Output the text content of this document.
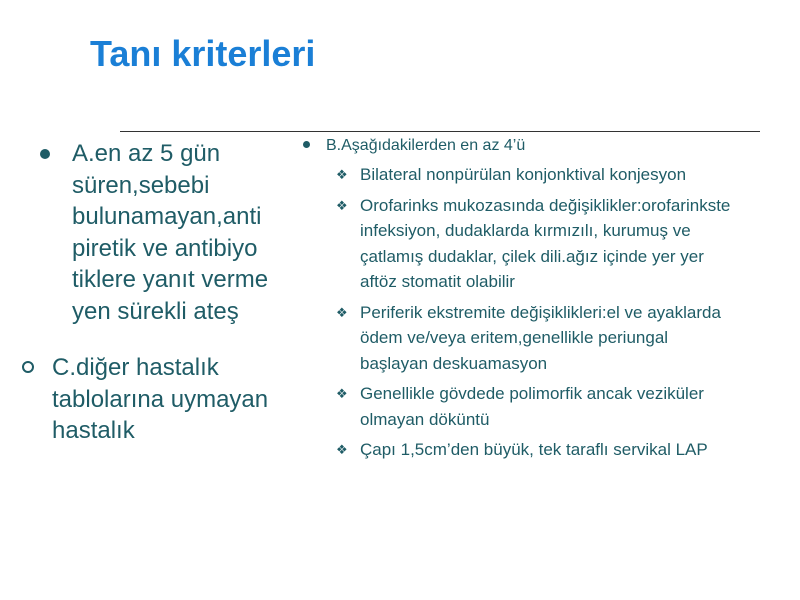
Tanı kriterleri
A.en az 5 gün süren,sebebi bulunamayan,anti piretik ve antibiyo tiklere yanıt verme yen sürekli ateş
C.diğer hastalık tablolarına uymayan hastalık
B.Aşağıdakilerden en az 4’ü
❖ Bilateral nonpürülan konjonktival konjesyon
❖ Orofarinks mukozasında değişiklikler:orofarinkste infeksiyon, dudaklarda kırmızılı, kurumuş ve çatlamış dudaklar, çilek dili.ağız içinde yer yer aftöz stomatit olabilir
❖ Periferik ekstremite değişiklikleri:el ve ayaklarda ödem ve/veya eritem,genellikle periungal başlayan deskuamasyon
❖ Genellikle gövdede polimorfik ancak veziküler olmayan döküntü
❖ Çapı 1,5cm’den büyük, tek taraflı servikal LAP
